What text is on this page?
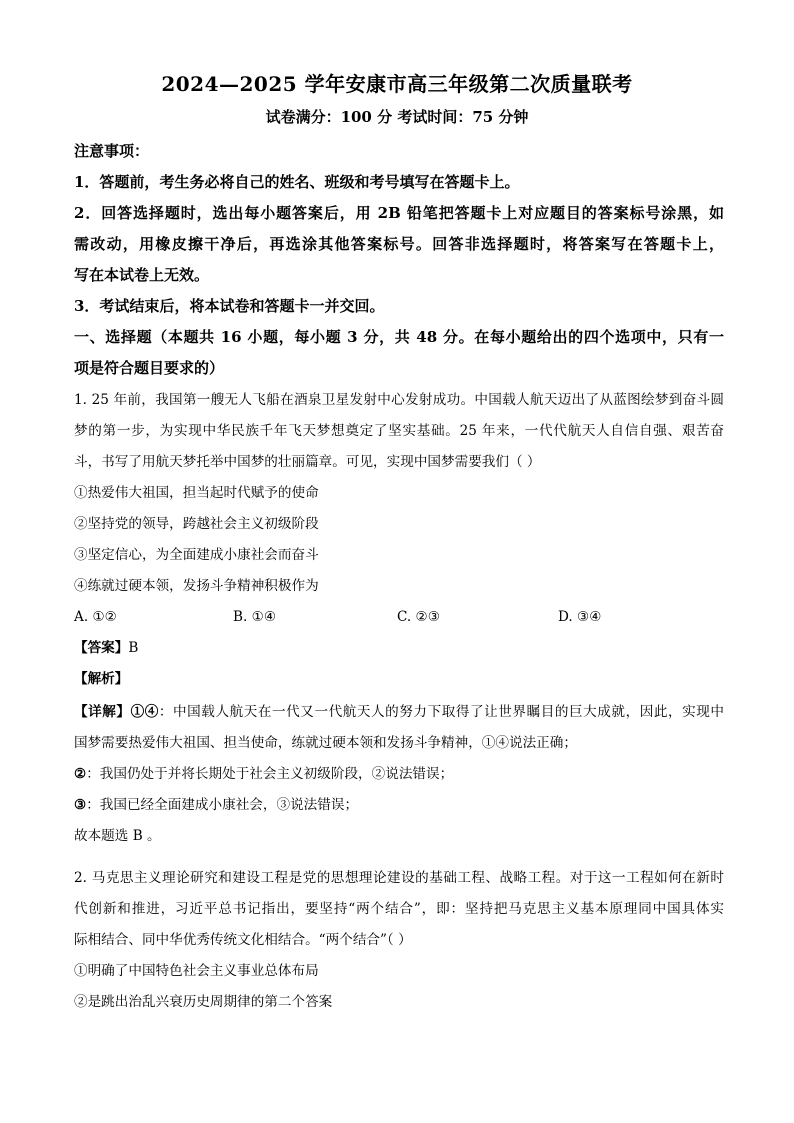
2024—2025 学年安康市高三年级第二次质量联考
试卷满分：100 分 考试时间：75 分钟
注意事项：
1．答题前，考生务必将自己的姓名、班级和考号填写在答题卡上。
2．回答选择题时，选出每小题答案后，用 2B 铅笔把答题卡上对应题目的答案标号涂黑，如
需改动，用橡皮擦干净后，再选涂其他答案标号。回答非选择题时，将答案写在答题卡上，
写在本试卷上无效。
3．考试结束后，将本试卷和答题卡一并交回。
一、选择题（本题共 16 小题，每小题 3 分，共 48 分。在每小题给出的四个选项中，只有一
项是符合题目要求的）
1. 25 年前，我国第一艘无人飞船在酒泉卫星发射中心发射成功。中国载人航天迈出了从蓝图绘梦到奋斗圆
梦的第一步，为实现中华民族千年飞天梦想奠定了坚实基础。25 年来，一代代航天人自信自强、艰苦奋
斗，书写了用航天梦托举中国梦的壮丽篇章。可见，实现中国梦需要我们（ ）
①热爱伟大祖国，担当起时代赋予的使命
②坚持党的领导，跨越社会主义初级阶段
③坚定信心，为全面建成小康社会而奋斗
④练就过硬本领，发扬斗争精神积极作为
A. ①②	B. ①④	C. ②③	D. ③④
【答案】B
【解析】
【详解】①④：中国载人航天在一代又一代航天人的努力下取得了让世界瞩目的巨大成就，因此，实现中
国梦需要热爱伟大祖国、担当使命，练就过硬本领和发扬斗争精神，①④说法正确；
②：我国仍处于并将长期处于社会主义初级阶段，②说法错误；
③：我国已经全面建成小康社会，③说法错误；
故本题选 B 。
2. 马克思主义理论研究和建设工程是党的思想理论建设的基础工程、战略工程。对于这一工程如何在新时
代创新和推进，习近平总书记指出，要坚持“两个结合”，即：坚持把马克思主义基本原理同中国具体实
际相结合、同中华优秀传统文化相结合。“两个结合”（ ）
①明确了中国特色社会主义事业总体布局
②是跳出治乱兴衰历史周期律的第二个答案
